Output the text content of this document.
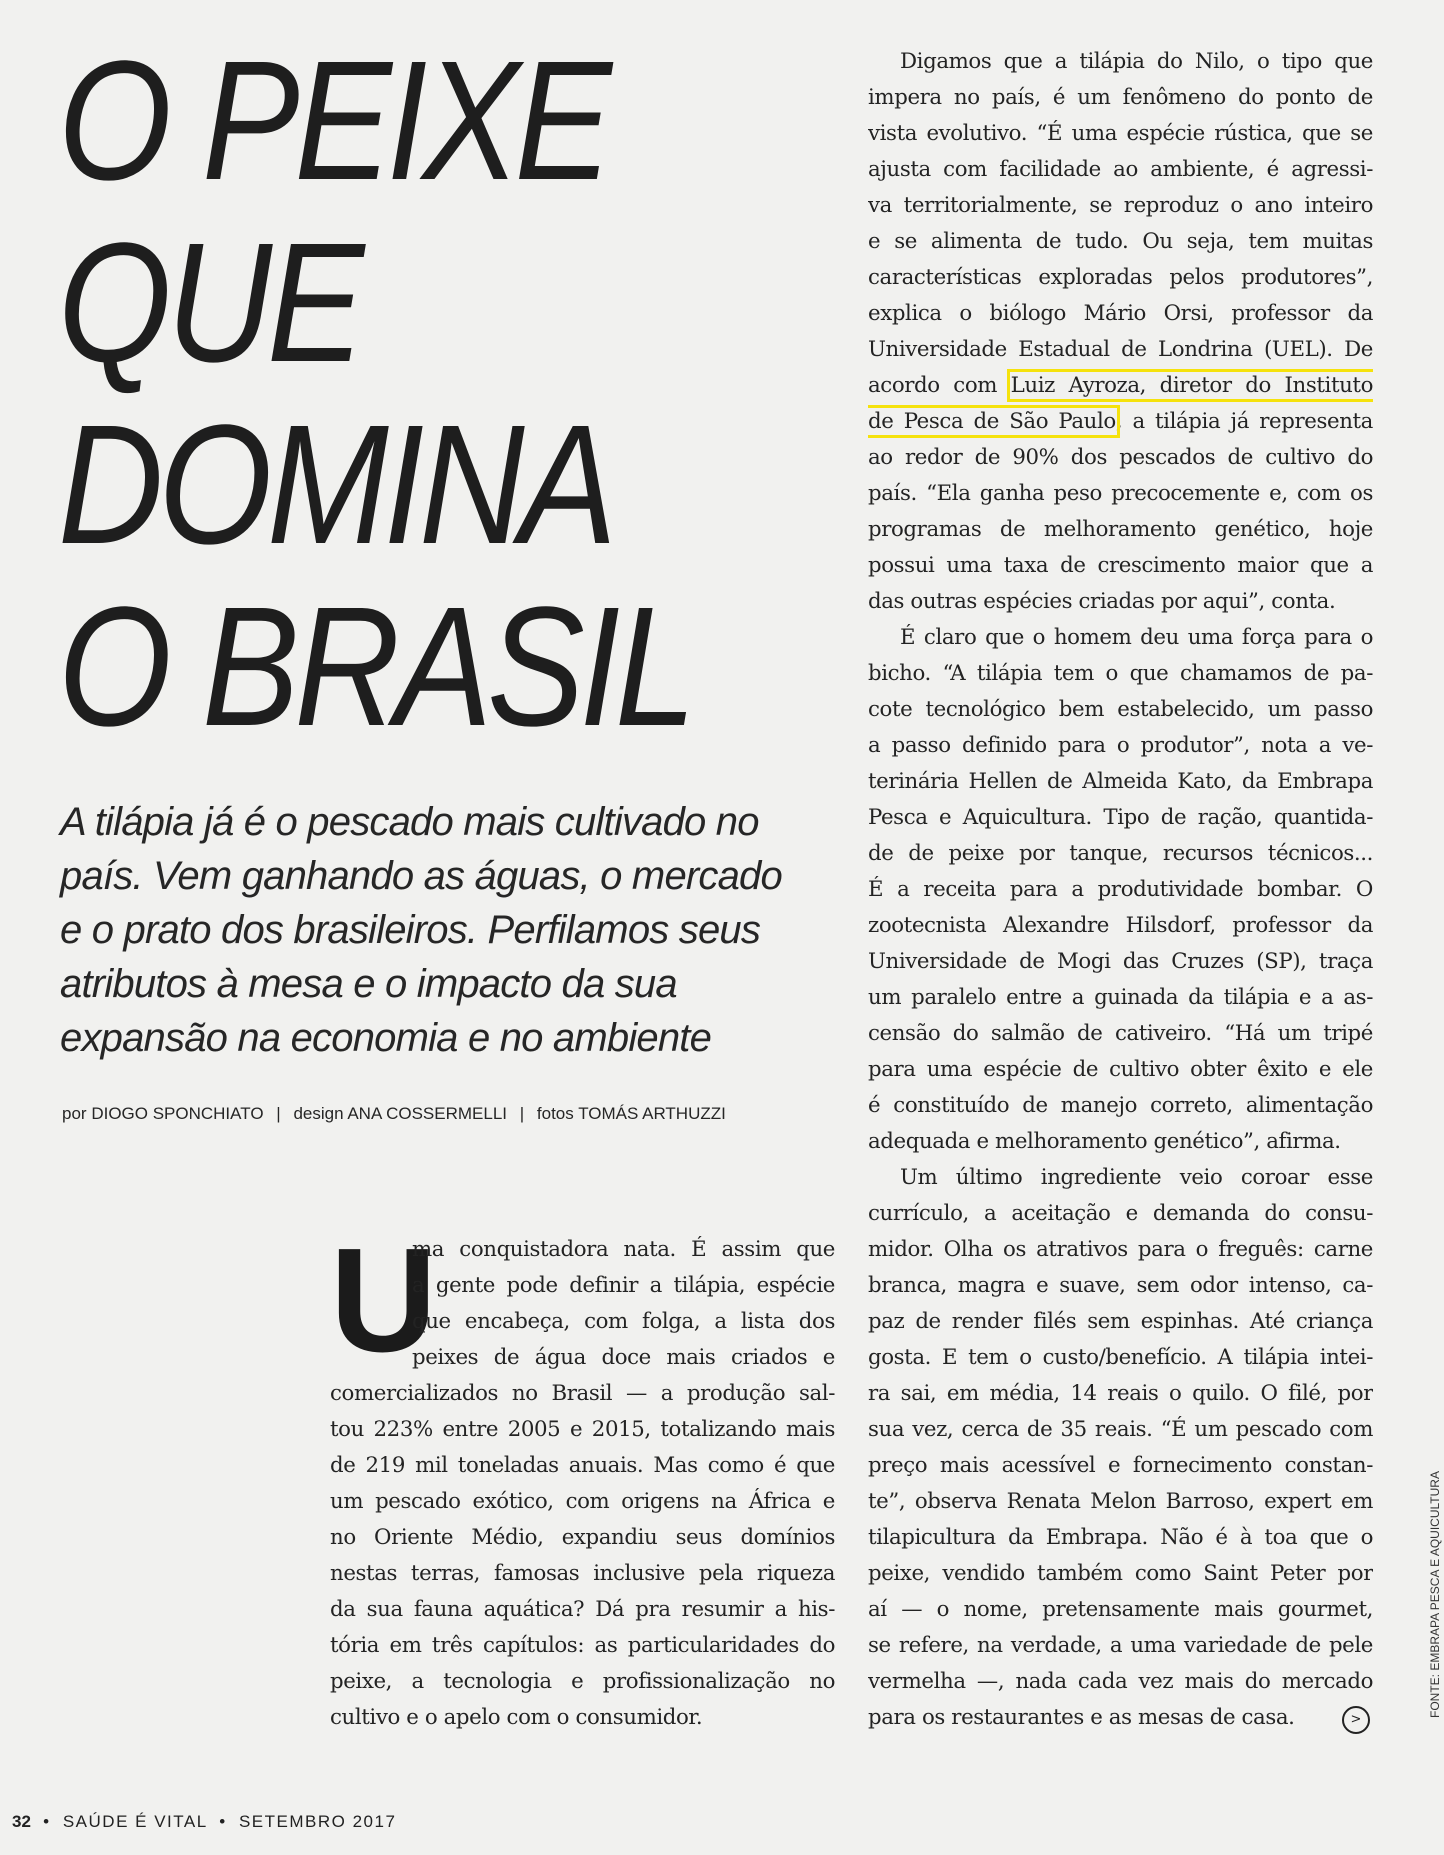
O PEIXE
QUE
DOMINA
O BRASIL
A tilápia já é o pescado mais cultivado no
país. Vem ganhando as águas, o mercado
e o prato dos brasileiros. Perfilamos seus
atributos à mesa e o impacto da sua
expansão na economia e no ambiente
por DIOGO SPONCHIATO | design ANA COSSERMELLI | fotos TOMÁS ARTHUZZI
U
ma conquistadora nata. É assim que
a gente pode definir a tilápia, espécie
que encabeça, com folga, a lista dos
peixes de água doce mais criados e
comercializados no Brasil — a produção sal-
tou 223% entre 2005 e 2015, totalizando mais
de 219 mil toneladas anuais. Mas como é que
um pescado exótico, com origens na África e
no Oriente Médio, expandiu seus domínios
nestas terras, famosas inclusive pela riqueza
da sua fauna aquática? Dá pra resumir a his-
tória em três capítulos: as particularidades do
peixe, a tecnologia e profissionalização no
cultivo e o apelo com o consumidor.
Digamos que a tilápia do Nilo, o tipo que
impera no país, é um fenômeno do ponto de
vista evolutivo. “É uma espécie rústica, que se
ajusta com facilidade ao ambiente, é agressi-
va territorialmente, se reproduz o ano inteiro
e se alimenta de tudo. Ou seja, tem muitas
características exploradas pelos produtores”,
explica o biólogo Mário Orsi, professor da
Universidade Estadual de Londrina (UEL). De
acordo com Luiz Ayroza, diretor do Instituto
de Pesca de São Paulo, a tilápia já representa
ao redor de 90% dos pescados de cultivo do
país. “Ela ganha peso precocemente e, com os
programas de melhoramento genético, hoje
possui uma taxa de crescimento maior que a
das outras espécies criadas por aqui”, conta.
É claro que o homem deu uma força para o
bicho. “A tilápia tem o que chamamos de pa-
cote tecnológico bem estabelecido, um passo
a passo definido para o produtor”, nota a ve-
terinária Hellen de Almeida Kato, da Embrapa
Pesca e Aquicultura. Tipo de ração, quantida-
de de peixe por tanque, recursos técnicos...
É a receita para a produtividade bombar. O
zootecnista Alexandre Hilsdorf, professor da
Universidade de Mogi das Cruzes (SP), traça
um paralelo entre a guinada da tilápia e a as-
censão do salmão de cativeiro. “Há um tripé
para uma espécie de cultivo obter êxito e ele
é constituído de manejo correto, alimentação
adequada e melhoramento genético”, afirma.
Um último ingrediente veio coroar esse
currículo, a aceitação e demanda do consu-
midor. Olha os atrativos para o freguês: carne
branca, magra e suave, sem odor intenso, ca-
paz de render filés sem espinhas. Até criança
gosta. E tem o custo/benefício. A tilápia intei-
ra sai, em média, 14 reais o quilo. O filé, por
sua vez, cerca de 35 reais. “É um pescado com
preço mais acessível e fornecimento constan-
te”, observa Renata Melon Barroso, expert em
tilapicultura da Embrapa. Não é à toa que o
peixe, vendido também como Saint Peter por
aí — o nome, pretensamente mais gourmet,
se refere, na verdade, a uma variedade de pele
vermelha —, nada cada vez mais do mercado
para os restaurantes e as mesas de casa.	>
FONTE: EMBRAPA PESCA E AQUICULTURA
32 • SAÚDE É VITAL • SETEMBRO 2017
